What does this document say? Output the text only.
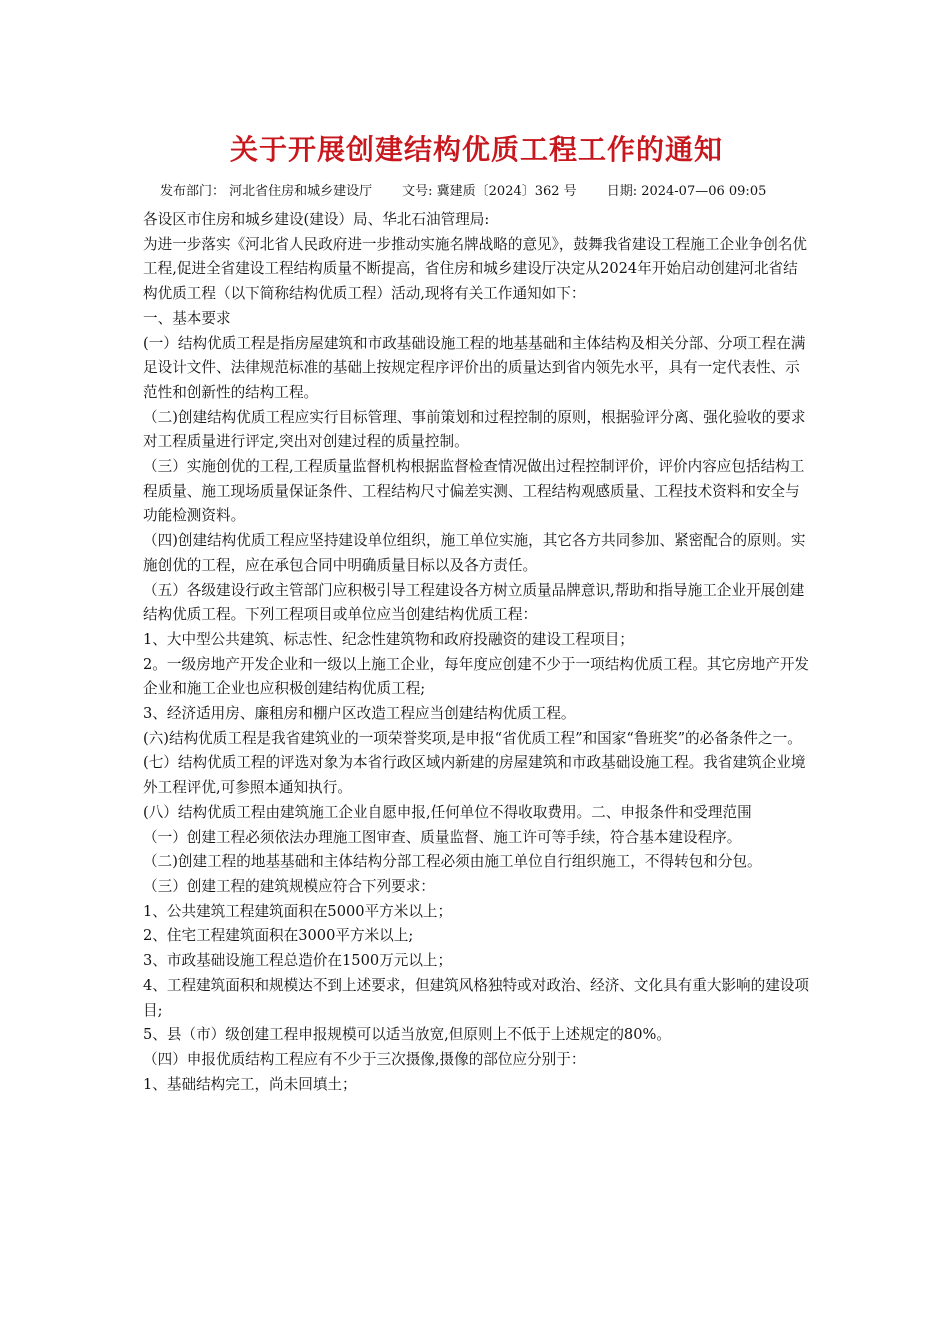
关于开展创建结构优质工程工作的通知
发布部门： 河北省住房和城乡建设厅 文号: 冀建质〔2024〕362 号 日期: 2024-07—06 09:05

各设区市住房和城乡建设(建设）局、华北石油管理局:

为进一步落实《河北省人民政府进一步推动实施名牌战略的意见》，鼓舞我省建设工程施工企业争创名优工程,促进全省建设工程结构质量不断提高，省住房和城乡建设厅决定从2024年开始启动创建河北省结构优质工程（以下简称结构优质工程）活动,现将有关工作通知如下：

一、基本要求

(一）结构优质工程是指房屋建筑和市政基础设施工程的地基基础和主体结构及相关分部、分项工程在满足设计文件、法律规范标准的基础上按规定程序评价出的质量达到省内领先水平，具有一定代表性、示范性和创新性的结构工程。

（二)创建结构优质工程应实行目标管理、事前策划和过程控制的原则，根据验评分离、强化验收的要求对工程质量进行评定,突出对创建过程的质量控制。

（三）实施创优的工程,工程质量监督机构根据监督检查情况做出过程控制评价，评价内容应包括结构工程质量、施工现场质量保证条件、工程结构尺寸偏差实测、工程结构观感质量、工程技术资料和安全与功能检测资料。

（四)创建结构优质工程应坚持建设单位组织，施工单位实施，其它各方共同参加、紧密配合的原则。实施创优的工程，应在承包合同中明确质量目标以及各方责任。

（五）各级建设行政主管部门应积极引导工程建设各方树立质量品牌意识,帮助和指导施工企业开展创建结构优质工程。下列工程项目或单位应当创建结构优质工程：

1、大中型公共建筑、标志性、纪念性建筑物和政府投融资的建设工程项目；

2。一级房地产开发企业和一级以上施工企业，每年度应创建不少于一项结构优质工程。其它房地产开发企业和施工企业也应积极创建结构优质工程;

3、经济适用房、廉租房和棚户区改造工程应当创建结构优质工程。

(六)结构优质工程是我省建筑业的一项荣誉奖项,是申报“省优质工程”和国家“鲁班奖”的必备条件之一。

(七）结构优质工程的评选对象为本省行政区域内新建的房屋建筑和市政基础设施工程。我省建筑企业境外工程评优,可参照本通知执行。

(八）结构优质工程由建筑施工企业自愿申报,任何单位不得收取费用。二、申报条件和受理范围

（一）创建工程必须依法办理施工图审查、质量监督、施工许可等手续，符合基本建设程序。

（二)创建工程的地基基础和主体结构分部工程必须由施工单位自行组织施工，不得转包和分包。

（三）创建工程的建筑规模应符合下列要求：

1、公共建筑工程建筑面积在5000平方米以上；

2、住宅工程建筑面积在3000平方米以上;

3、市政基础设施工程总造价在1500万元以上；

4、工程建筑面积和规模达不到上述要求，但建筑风格独特或对政治、经济、文化具有重大影响的建设项目;

5、县（市）级创建工程申报规模可以适当放宽,但原则上不低于上述规定的80%。

（四）申报优质结构工程应有不少于三次摄像,摄像的部位应分别于：

1、基础结构完工，尚未回填土；
